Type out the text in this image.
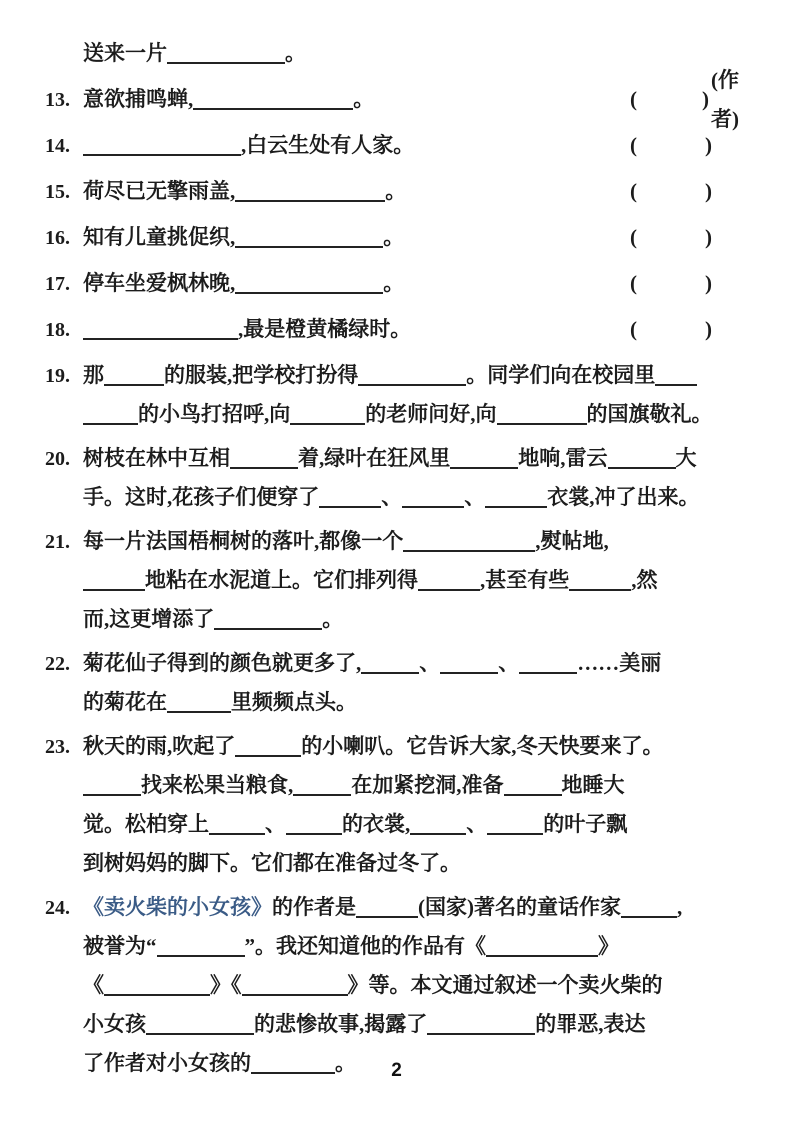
送来一片	。
13. 意欲捕鸣蝉,	。	(	)
(作者)
14.	,白云生处有人家。	(	)
15. 荷尽已无擎雨盖,	。	(	)
16. 知有儿童挑促织,	。	(	)
17. 停车坐爱枫林晚,	。	(	)
18.	,最是橙黄橘绿时。	(	)
19. 那	的服装,把学校打扮得	。同学们向在校园里
的小鸟打招呼,向	的老师问好,向	的国旗敬礼。
20. 树枝在林中互相	着,绿叶在狂风里	地响,雷云	大
手。这时,花孩子们便穿了	、	、	衣裳,冲了出来。
21. 每一片法国梧桐树的落叶,都像一个	,熨帖地,
地粘在水泥道上。它们排列得	,甚至有些	,然
而,这更增添了	。
22. 菊花仙子得到的颜色就更多了,	、	、	……美丽
的菊花在	里频频点头。
23. 秋天的雨,吹起了	的小喇叭。它告诉大家,冬天快要来了。
找来松果当粮食,	在加紧挖洞,准备	地睡大
觉。松柏穿上	、	的衣裳,	、	的叶子飘
到树妈妈的脚下。它们都在准备过冬了。
24. 《卖火柴的小女孩》的作者是	(国家)著名的童话作家	,
被誉为“	”。我还知道他的作品有《	》
《	》《	》等。本文通过叙述一个卖火柴的
小女孩	的悲惨故事,揭露了	的罪恶,表达
了作者对小女孩的	。	2
